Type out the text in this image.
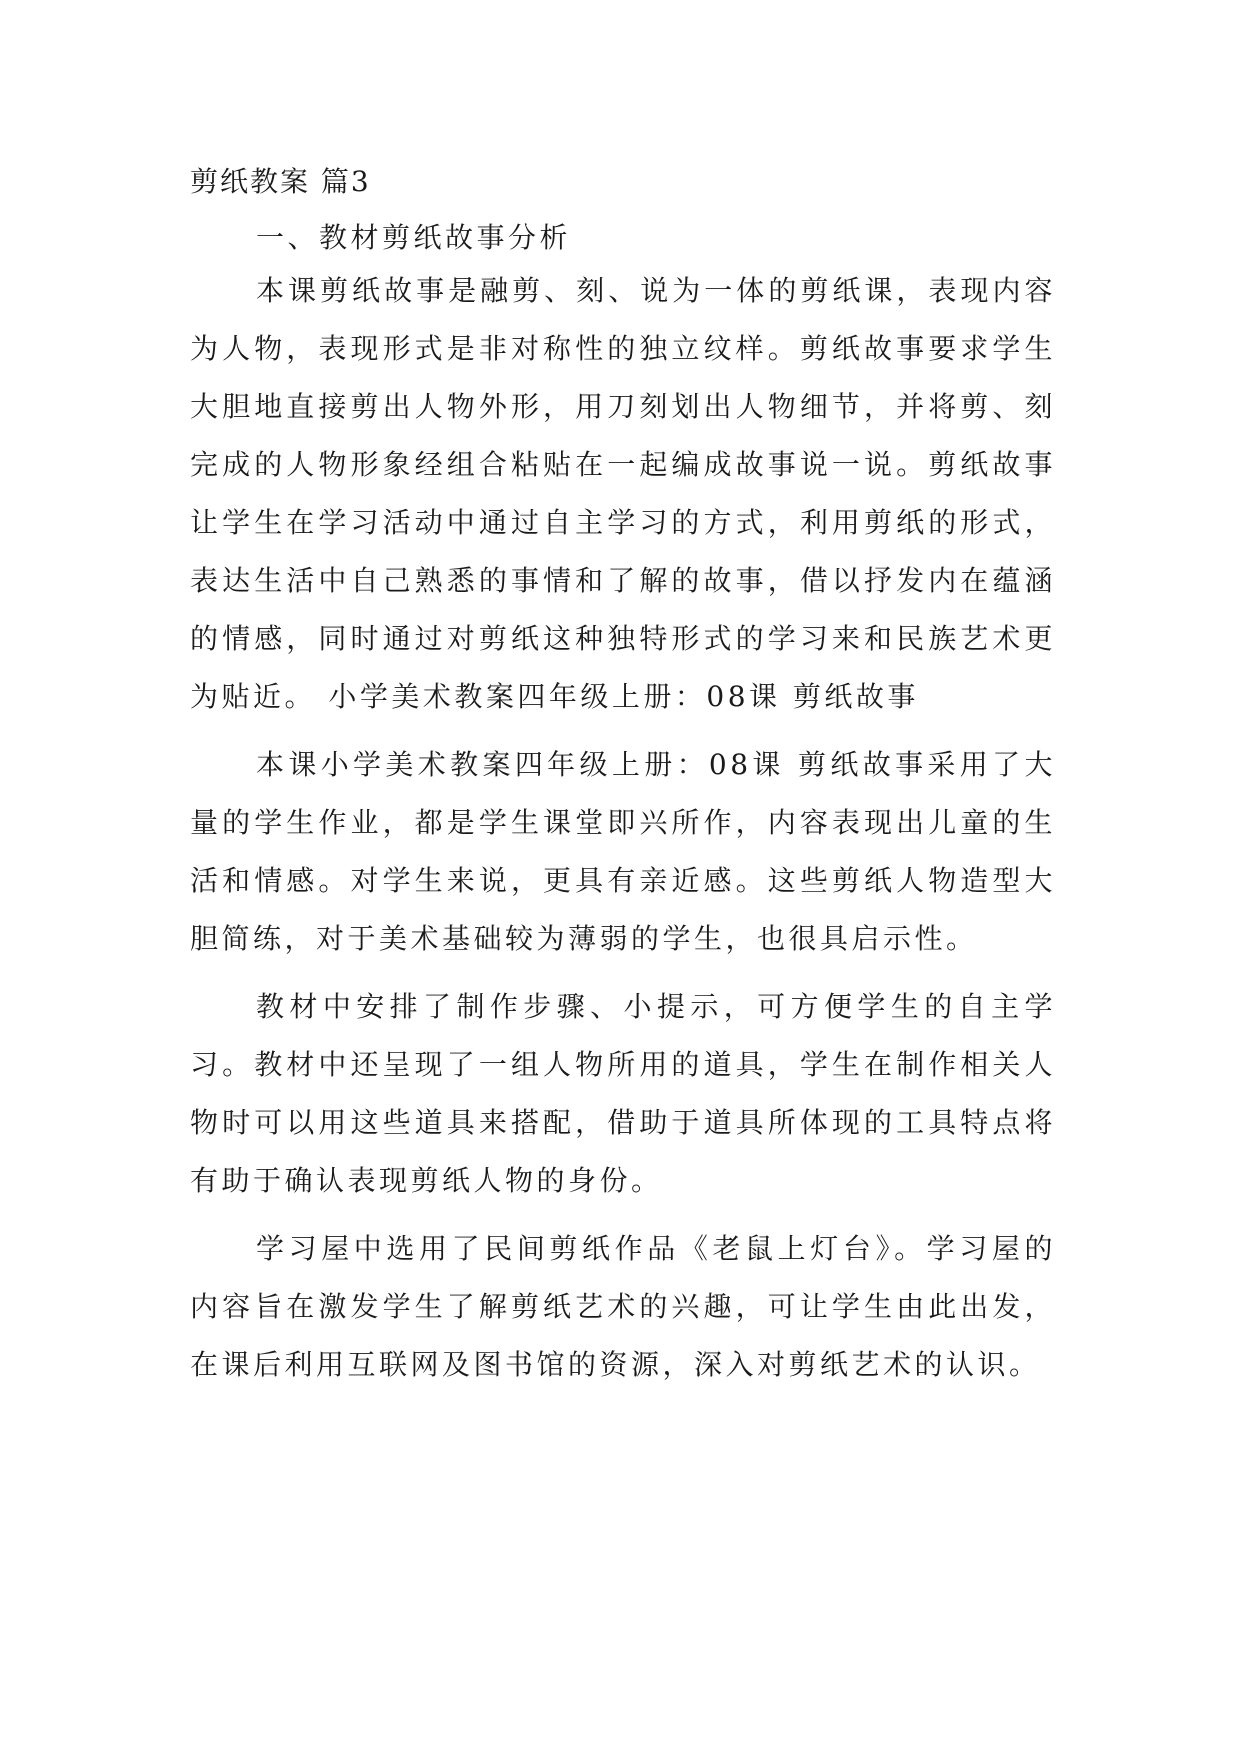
剪纸教案 篇3

一、教材剪纸故事分析

本课剪纸故事是融剪、刻、说为一体的剪纸课，表现内容为人物，表现形式是非对称性的独立纹样。剪纸故事要求学生大胆地直接剪出人物外形，用刀刻划出人物细节，并将剪、刻完成的人物形象经组合粘贴在一起编成故事说一说。剪纸故事让学生在学习活动中通过自主学习的方式，利用剪纸的形式，表达生活中自己熟悉的事情和了解的故事，借以抒发内在蕴涵的情感，同时通过对剪纸这种独特形式的学习来和民族艺术更为贴近。 小学美术教案四年级上册：08课 剪纸故事

本课小学美术教案四年级上册：08课 剪纸故事采用了大量的学生作业，都是学生课堂即兴所作，内容表现出儿童的生活和情感。对学生来说，更具有亲近感。这些剪纸人物造型大胆简练，对于美术基础较为薄弱的学生，也很具启示性。

教材中安排了制作步骤、小提示，可方便学生的自主学习。教材中还呈现了一组人物所用的道具，学生在制作相关人物时可以用这些道具来搭配，借助于道具所体现的工具特点将有助于确认表现剪纸人物的身份。

学习屋中选用了民间剪纸作品《老鼠上灯台》。学习屋的内容旨在激发学生了解剪纸艺术的兴趣，可让学生由此出发，在课后利用互联网及图书馆的资源，深入对剪纸艺术的认识。
